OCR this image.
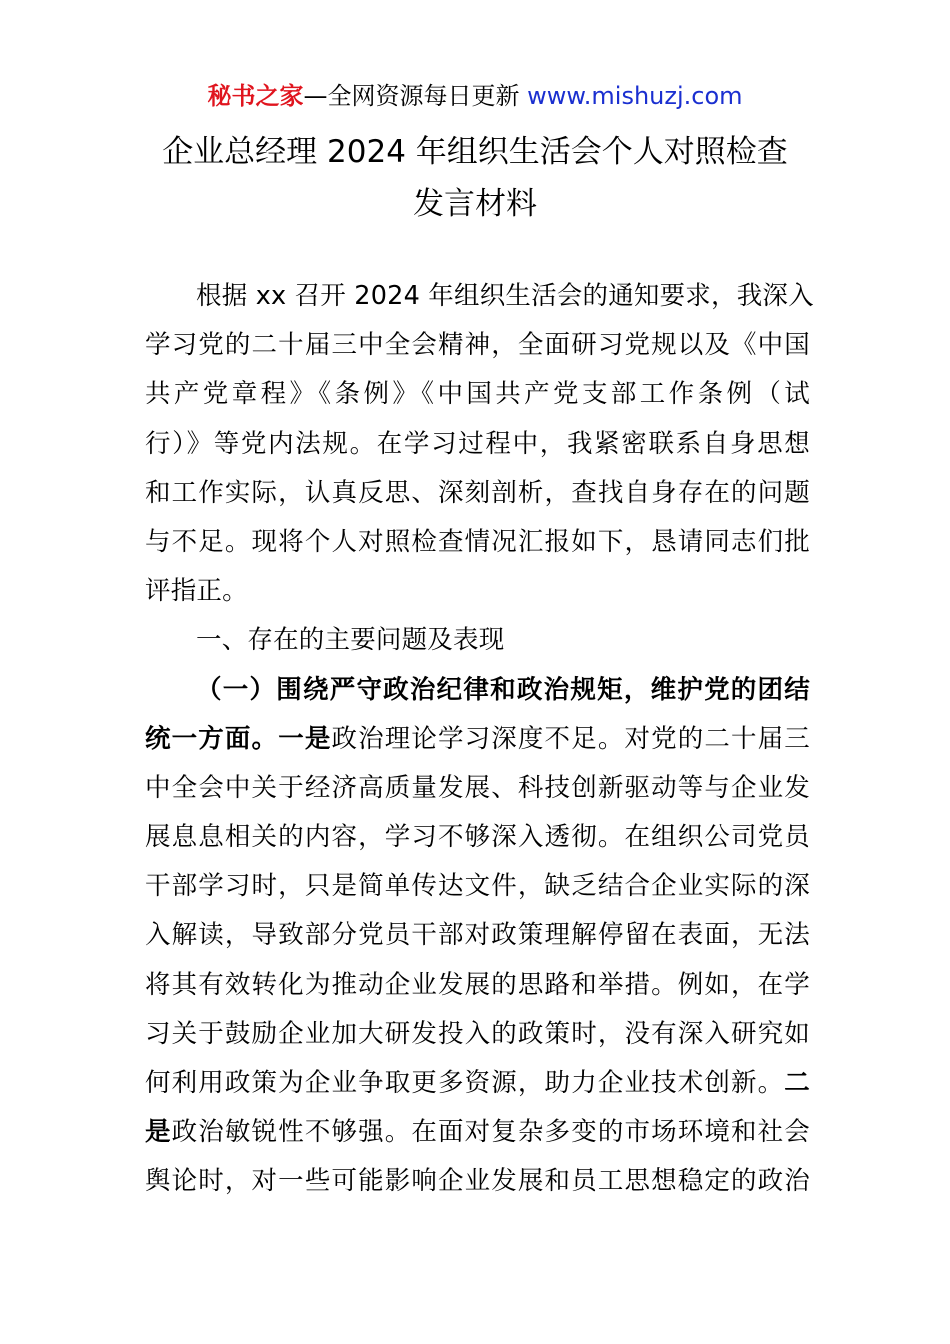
秘书之家—全网资源每日更新 www.mishuzj.com
企业总经理 2024 年组织生活会个人对照检查
发言材料
根据 xx 召开 2024 年组织生活会的通知要求，我深入
学习党的二十届三中全会精神，全面研习党规以及《中国
共产党章程》《条例》《中国共产党支部工作条例（试
行）》等党内法规。在学习过程中，我紧密联系自身思想
和工作实际，认真反思、深刻剖析，查找自身存在的问题
与不足。现将个人对照检查情况汇报如下，恳请同志们批
评指正。
一、存在的主要问题及表现
（一）围绕严守政治纪律和政治规矩，维护党的团结
统一方面。一是政治理论学习深度不足。对党的二十届三
中全会中关于经济高质量发展、科技创新驱动等与企业发
展息息相关的内容，学习不够深入透彻。在组织公司党员
干部学习时，只是简单传达文件，缺乏结合企业实际的深
入解读，导致部分党员干部对政策理解停留在表面，无法
将其有效转化为推动企业发展的思路和举措。例如，在学
习关于鼓励企业加大研发投入的政策时，没有深入研究如
何利用政策为企业争取更多资源，助力企业技术创新。二
是政治敏锐性不够强。在面对复杂多变的市场环境和社会
舆论时，对一些可能影响企业发展和员工思想稳定的政治
